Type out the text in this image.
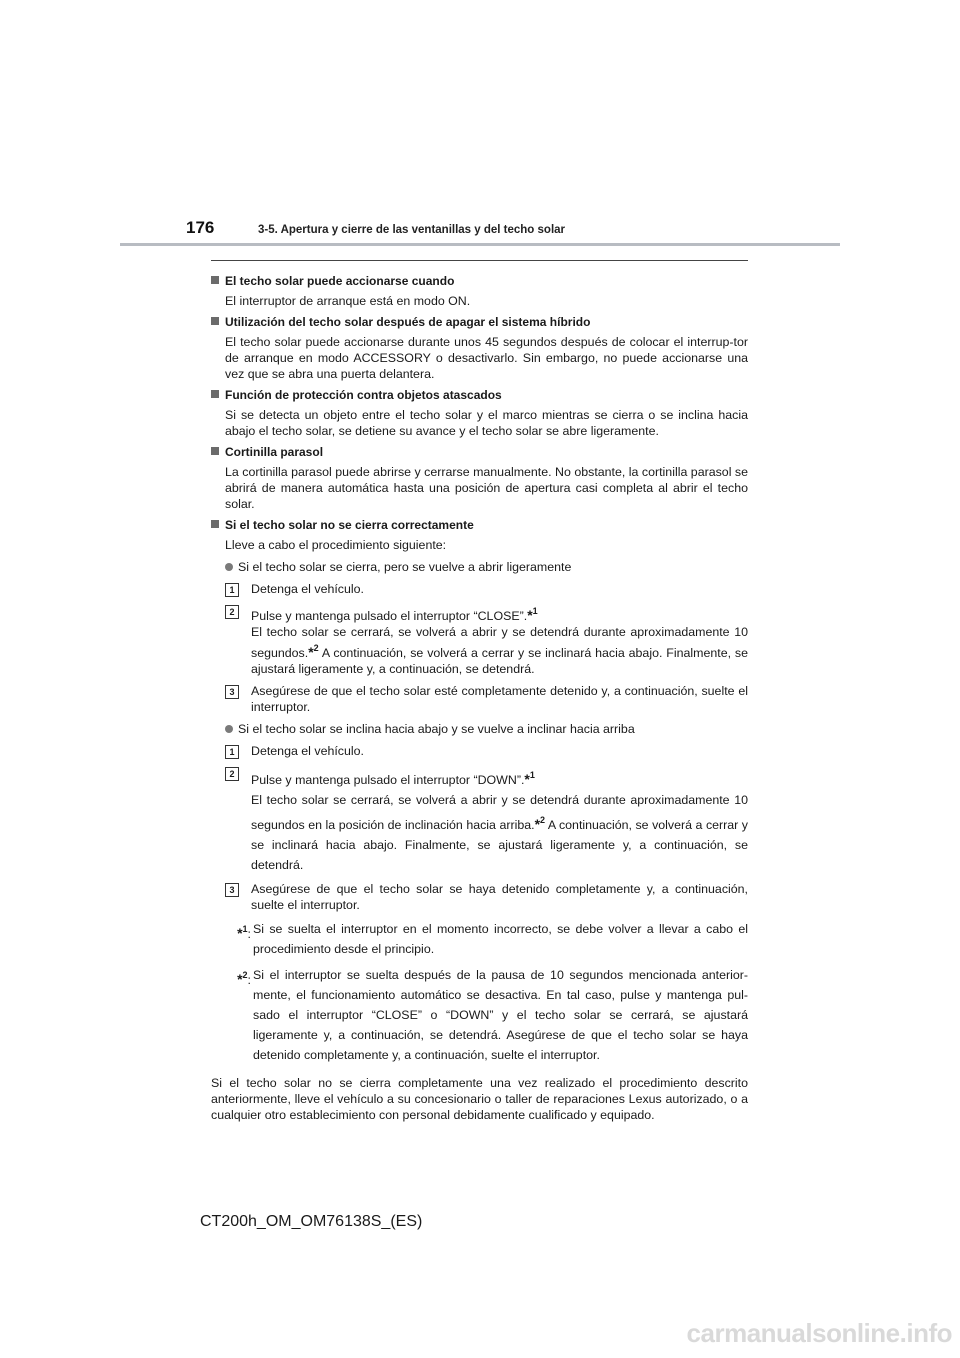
176	3-5. Apertura y cierre de las ventanillas y del techo solar
El techo solar puede accionarse cuando
El interruptor de arranque está en modo ON.
Utilización del techo solar después de apagar el sistema híbrido
El techo solar puede accionarse durante unos 45 segundos después de colocar el interrup-tor de arranque en modo ACCESSORY o desactivarlo. Sin embargo, no puede accionarse una vez que se abra una puerta delantera.
Función de protección contra objetos atascados
Si se detecta un objeto entre el techo solar y el marco mientras se cierra o se inclina hacia abajo el techo solar, se detiene su avance y el techo solar se abre ligeramente.
Cortinilla parasol
La cortinilla parasol puede abrirse y cerrarse manualmente. No obstante, la cortinilla parasol se abrirá de manera automática hasta una posición de apertura casi completa al abrir el techo solar.
Si el techo solar no se cierra correctamente
Lleve a cabo el procedimiento siguiente:
Si el techo solar se cierra, pero se vuelve a abrir ligeramente
1	Detenga el vehículo.
2	Pulse y mantenga pulsado el interruptor “CLOSE”.*$^1$
El techo solar se cerrará, se volverá a abrir y se detendrá durante aproximadamente 10 segundos.*$^2$ A continuación, se volverá a cerrar y se inclinará hacia abajo. Finalmente, se ajustará ligeramente y, a continuación, se detendrá.
3	Asegúrese de que el techo solar esté completamente detenido y, a continuación, suelte el interruptor.
Si el techo solar se inclina hacia abajo y se vuelve a inclinar hacia arriba
1	Detenga el vehículo.
2	Pulse y mantenga pulsado el interruptor “DOWN”.*$^1$
El techo solar se cerrará, se volverá a abrir y se detendrá durante aproximadamente 10 segundos en la posición de inclinación hacia arriba.*$^2$ A continuación, se volverá a cerrar y se inclinará hacia abajo. Finalmente, se ajustará ligeramente y, a continuación, se detendrá.
3	Asegúrese de que el techo solar se haya detenido completamente y, a continuación, suelte el interruptor.
*$^1$: Si se suelta el interruptor en el momento incorrecto, se debe volver a llevar a cabo el procedimiento desde el principio.
*$^2$: Si el interruptor se suelta después de la pausa de 10 segundos mencionada anterior-mente, el funcionamiento automático se desactiva. En tal caso, pulse y mantenga pul-sado el interruptor “CLOSE” o “DOWN” y el techo solar se cerrará, se ajustará ligeramente y, a continuación, se detendrá. Asegúrese de que el techo solar se haya detenido completamente y, a continuación, suelte el interruptor.
Si el techo solar no se cierra completamente una vez realizado el procedimiento descrito anteriormente, lleve el vehículo a su concesionario o taller de reparaciones Lexus autorizado, o a cualquier otro establecimiento con personal debidamente cualificado y equipado.
CT200h_OM_OM76138S_(ES)
carmanualsonline.info
